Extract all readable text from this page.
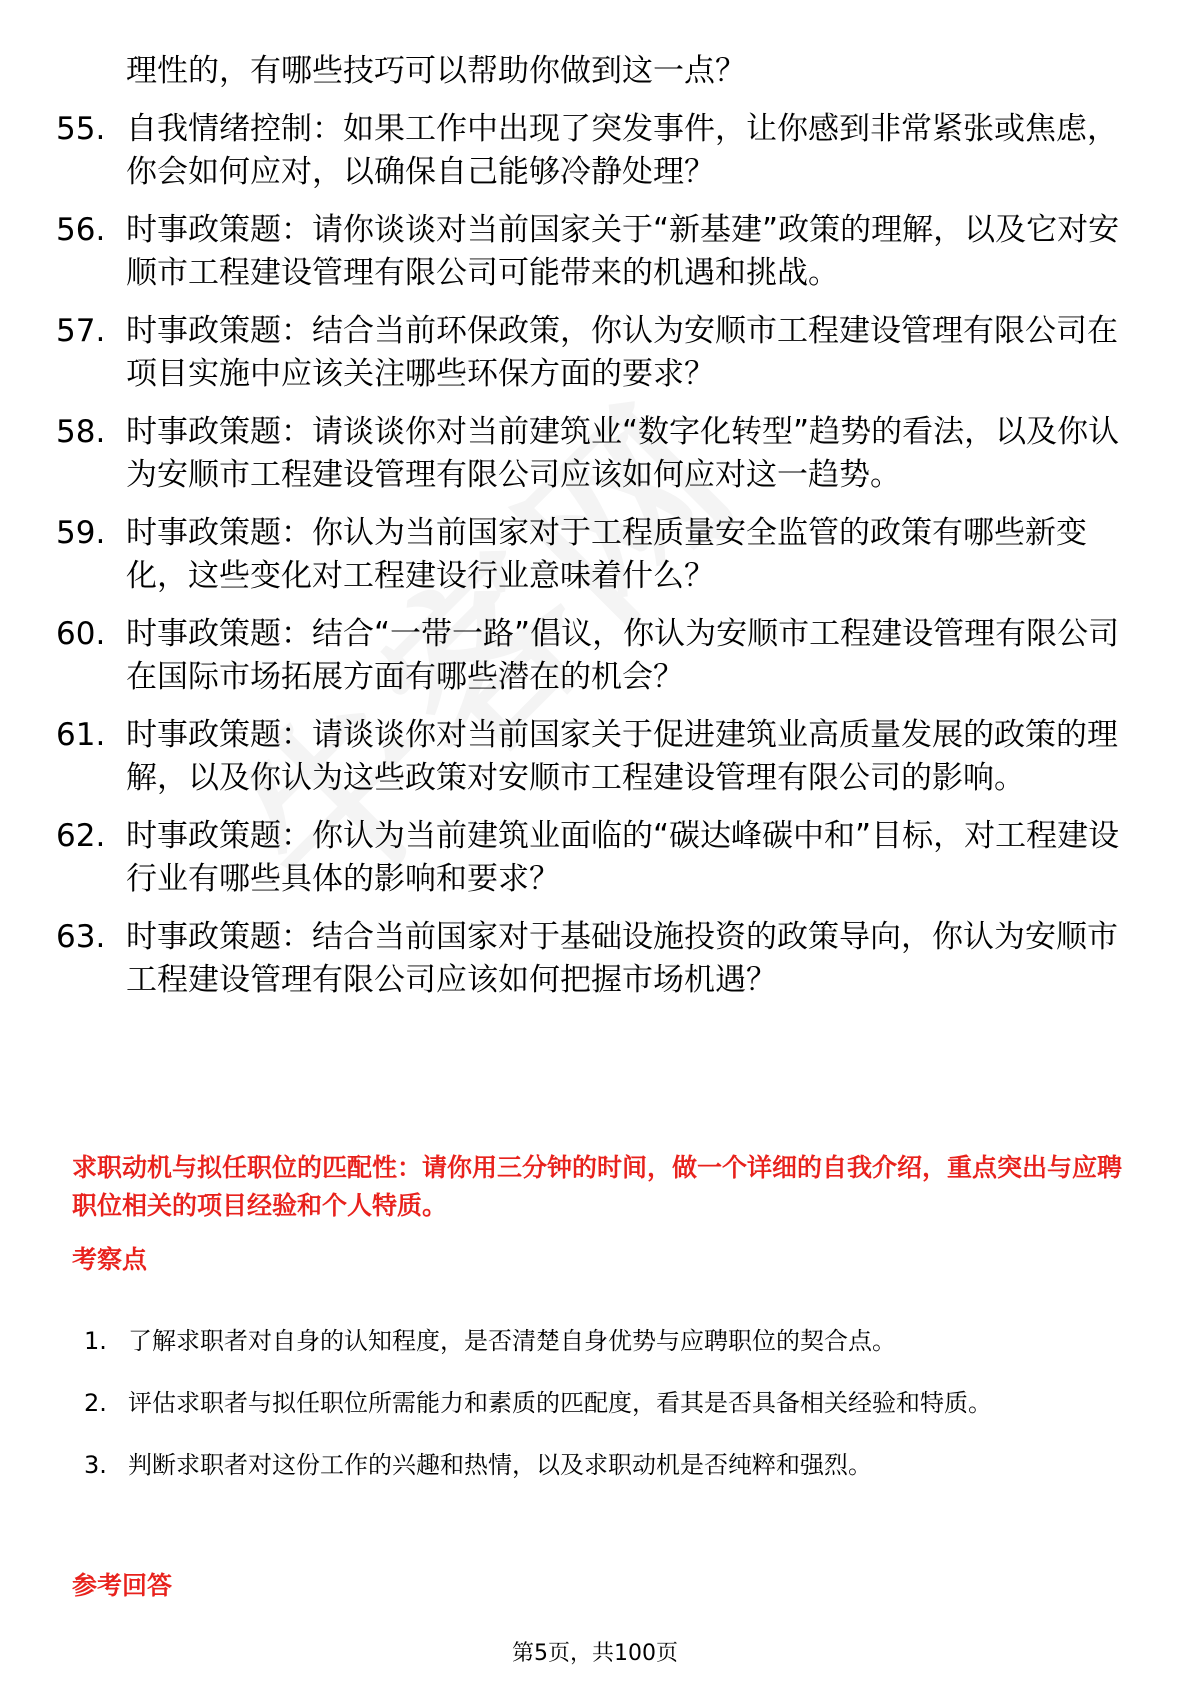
理性的，有哪些技巧可以帮助你做到这一点？
55. 自我情绪控制：如果工作中出现了突发事件，让你感到非常紧张或焦虑，你会如何应对，以确保自己能够冷静处理？
56. 时事政策题：请你谈谈对当前国家关于“新基建”政策的理解，以及它对安顺市工程建设管理有限公司可能带来的机遇和挑战。
57. 时事政策题：结合当前环保政策，你认为安顺市工程建设管理有限公司在项目实施中应该关注哪些环保方面的要求？
58. 时事政策题：请谈谈你对当前建筑业“数字化转型”趋势的看法，以及你认为安顺市工程建设管理有限公司应该如何应对这一趋势。
59. 时事政策题：你认为当前国家对于工程质量安全监管的政策有哪些新变化，这些变化对工程建设行业意味着什么？
60. 时事政策题：结合“一带一路”倡议，你认为安顺市工程建设管理有限公司在国际市场拓展方面有哪些潜在的机会？
61. 时事政策题：请谈谈你对当前国家关于促进建筑业高质量发展的政策的理解，以及你认为这些政策对安顺市工程建设管理有限公司的影响。
62. 时事政策题：你认为当前建筑业面临的“碳达峰碳中和”目标，对工程建设行业有哪些具体的影响和要求？
63. 时事政策题：结合当前国家对于基础设施投资的政策导向，你认为安顺市工程建设管理有限公司应该如何把握市场机遇？
求职动机与拟任职位的匹配性：请你用三分钟的时间，做一个详细的自我介绍，重点突出与应聘职位相关的项目经验和个人特质。
考察点
1. 了解求职者对自身的认知程度，是否清楚自身优势与应聘职位的契合点。
2. 评估求职者与拟任职位所需能力和素质的匹配度，看其是否具备相关经验和特质。
3. 判断求职者对这份工作的兴趣和热情，以及求职动机是否纯粹和强烈。
参考回答
第5页，共100页
